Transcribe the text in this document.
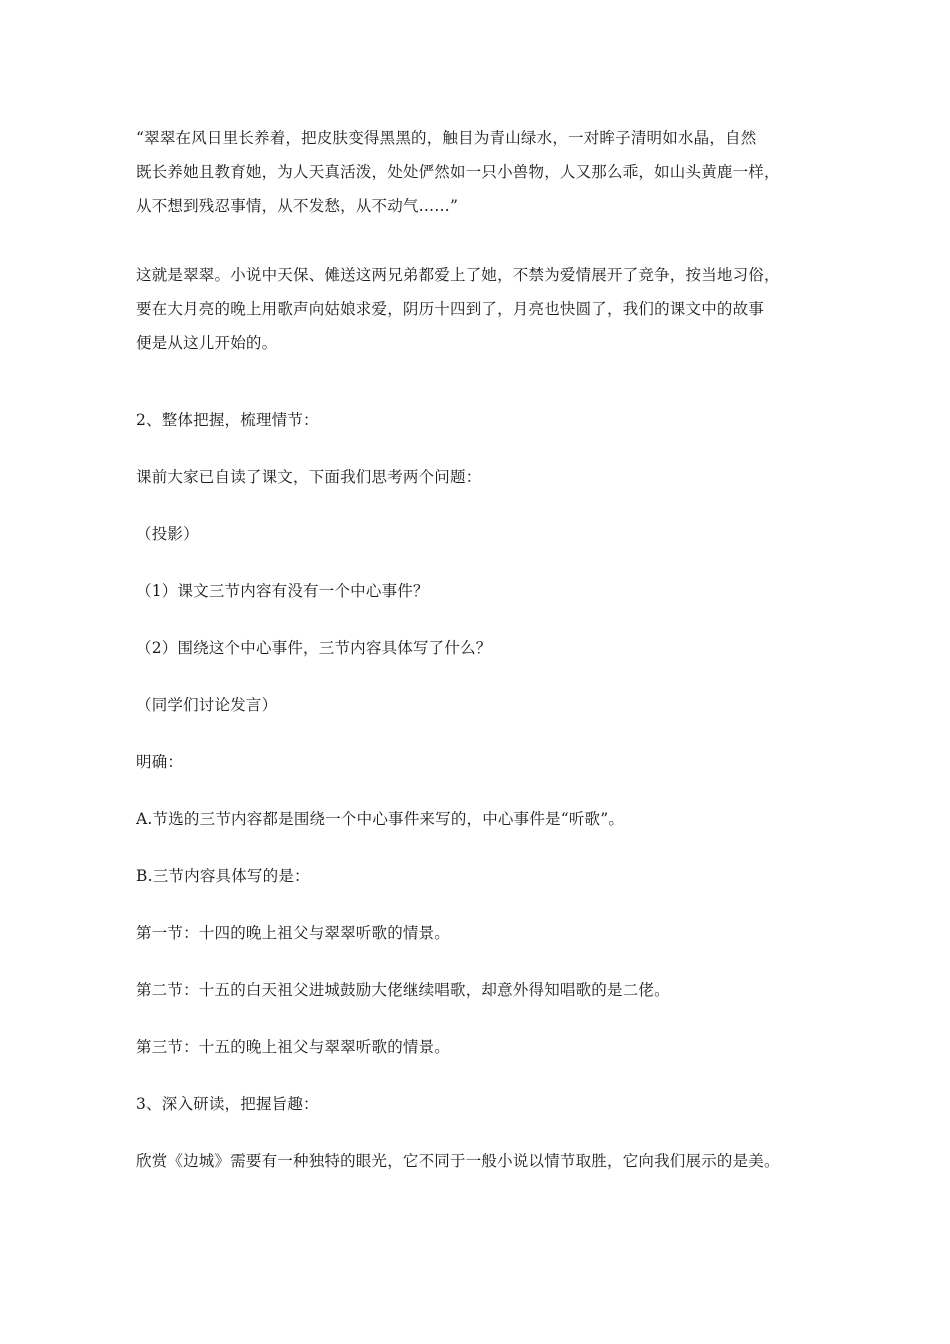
“翠翠在风日里长养着，把皮肤变得黑黑的，触目为青山绿水，一对眸子清明如水晶，自然
既长养她且教育她，为人天真活泼，处处俨然如一只小兽物，人又那么乖，如山头黄鹿一样，
从不想到残忍事情，从不发愁，从不动气……”
这就是翠翠。小说中天保、傩送这两兄弟都爱上了她，不禁为爱情展开了竞争，按当地习俗，
要在大月亮的晚上用歌声向姑娘求爱，阴历十四到了，月亮也快圆了，我们的课文中的故事
便是从这儿开始的。
2、整体把握，梳理情节：
课前大家已自读了课文，下面我们思考两个问题：
（投影）
（1）课文三节内容有没有一个中心事件？
（2）围绕这个中心事件，三节内容具体写了什么？
（同学们讨论发言）
明确：
A.节选的三节内容都是围绕一个中心事件来写的，中心事件是“听歌”。
B.三节内容具体写的是：
第一节：十四的晚上祖父与翠翠听歌的情景。
第二节：十五的白天祖父进城鼓励大佬继续唱歌，却意外得知唱歌的是二佬。
第三节：十五的晚上祖父与翠翠听歌的情景。
3、深入研读，把握旨趣：
欣赏《边城》需要有一种独特的眼光，它不同于一般小说以情节取胜，它向我们展示的是美。
